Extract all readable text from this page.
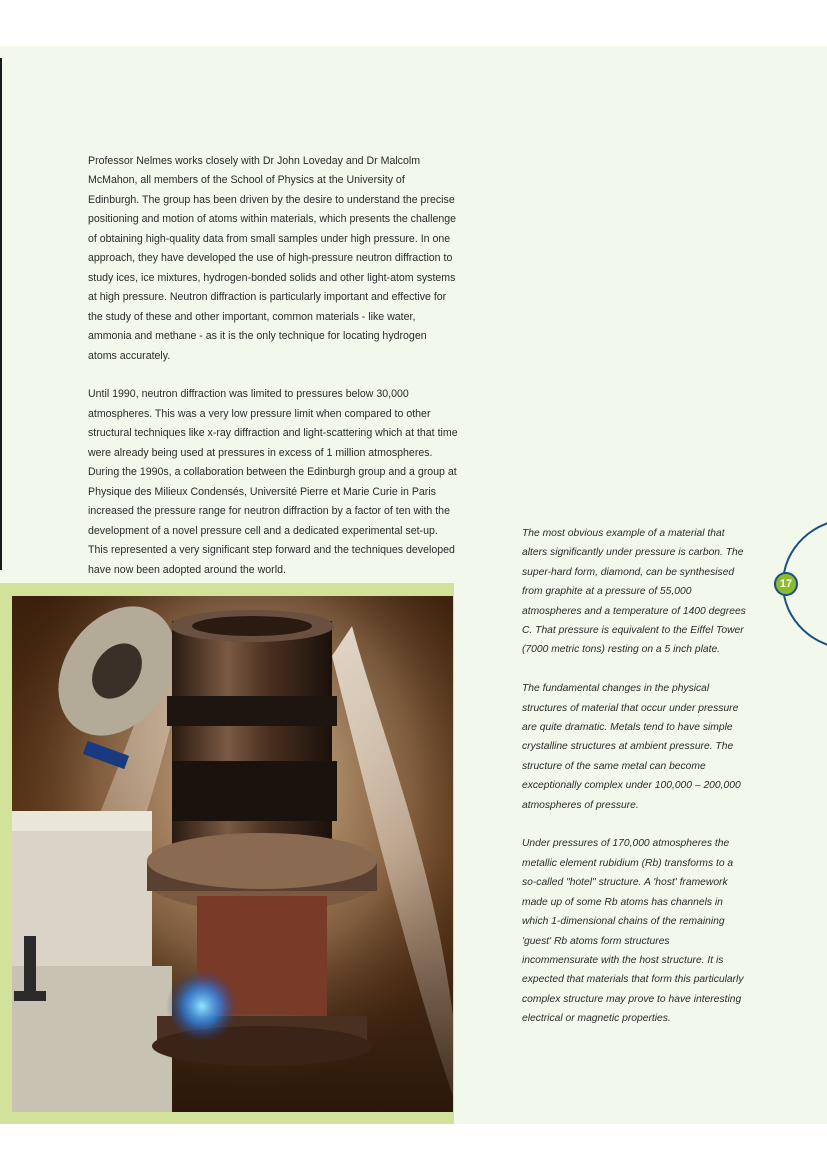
Professor Nelmes works closely with Dr John Loveday and Dr Malcolm McMahon, all members of the School of Physics at the University of Edinburgh. The group has been driven by the desire to understand the precise positioning and motion of atoms within materials, which presents the challenge of obtaining high-quality data from small samples under high pressure. In one approach, they have developed the use of high-pressure neutron diffraction to study ices, ice mixtures, hydrogen-bonded solids and other light-atom systems at high pressure. Neutron diffraction is particularly important and effective for the study of these and other important, common materials - like water, ammonia and methane - as it is the only technique for locating hydrogen atoms accurately.

Until 1990, neutron diffraction was limited to pressures below 30,000 atmospheres. This was a very low pressure limit when compared to other structural techniques like x-ray diffraction and light-scattering which at that time were already being used at pressures in excess of 1 million atmospheres. During the 1990s, a collaboration between the Edinburgh group and a group at Physique des Milieux Condensés, Université Pierre et Marie Curie in Paris increased the pressure range for neutron diffraction by a factor of ten with the development of a novel pressure cell and a dedicated experimental set-up. This represented a very significant step forward and the techniques developed have now been adopted around the world.

The most obvious example of a material that alters significantly under pressure is carbon. The super-hard form, diamond, can be synthesised from graphite at a pressure of 55,000 atmospheres and a temperature of 1400 degrees C. That pressure is equivalent to the Eiffel Tower (7000 metric tons) resting on a 5 inch plate.

The fundamental changes in the physical structures of material that occur under pressure are quite dramatic. Metals tend to have simple crystalline structures at ambient pressure. The structure of the same metal can become exceptionally complex under 100,000 – 200,000 atmospheres of pressure.

Under pressures of 170,000 atmospheres the metallic element rubidium (Rb) transforms to a so-called "hotel" structure. A 'host' framework made up of some Rb atoms has channels in which 1-dimensional chains of the remaining 'guest' Rb atoms form structures incommensurate with the host structure. It is expected that materials that form this particularly complex structure may prove to have interesting electrical or magnetic properties.

17
